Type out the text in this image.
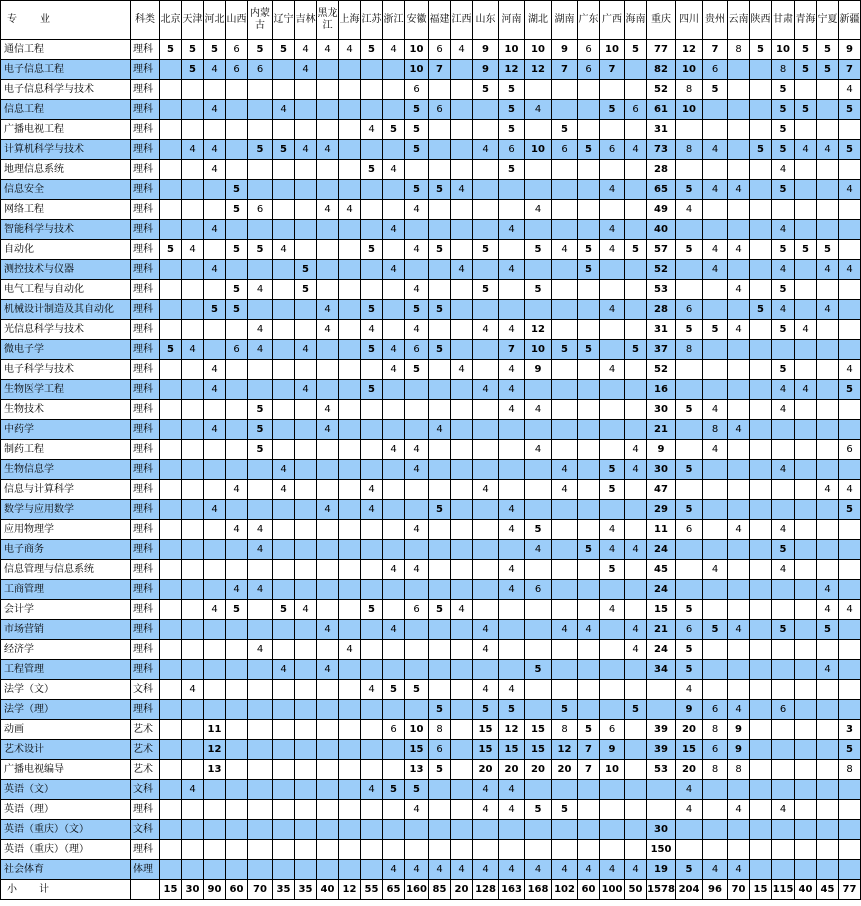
专　　业	科类	北京	天津	河北	山西	内蒙古	辽宁	吉林	黑龙江	上海	江苏	浙江	安徽	福建	江西	山东	河南	湖北	湖南	广东	广西	海南	重庆	四川	贵州	云南	陕西	甘肃	青海	宁夏	新疆
通信工程	理科	5	5	5	6	5	5	4	4	4	5	4	10	6	4	9	10	10	9	6	10	5	77	12	7	8	5	10	5	5	9
电子信息工程	理科		5	4	6	6		4					10	7		9	12	12	7	6	7		82	10	6			8	5	5	7
电子信息科学与技术	理科												6			5	5						52	8	5			5			4
信息工程	理科			4			4						5	6			5	4			5	6	61	10				5	5		5
广播电视工程	理科										4	5	5				5		5				31					5			
计算机科学与技术	理科		4	4		5	5	4	4				5			4	6	10	6	5	6	4	73	8	4		5	5	4	4	5
地理信息系统	理科			4							5	4					5						28					4			
信息安全	理科				5								5	5	4						4		65	5	4	4		5			4
网络工程	理科				5	6			4	4			4					4					49	4							
智能科学与技术	理科			4								4					4				4		40					4			
自动化	理科	5	4		5	5	4				5		4	5		5		5	4	5	4	5	57	5	4	4		5	5	5	
测控技术与仪器	理科			4				5				4			4		4			5			52		4			4		4	4
电气工程与自动化	理科				5	4		5					4			5		5					53			4		5			
机械设计制造及其自动化	理科			5	5				4		5		5	5							4		28	6			5	4		4	
光信息科学与技术	理科					4			4		4		4			4	4	12					31	5	5	4		5	4		
微电子学	理科	5	4		6	4		4			5	4	6	5			7	10	5	5		5	37	8							
电子科学与技术	理科			4								4	5		4		4	9			4		52					5			4
生物医学工程	理科			4				4			5					4	4						16					4	4		5
生物技术	理科					5			4								4	4					30	5	4			4			
中药学	理科			4		5			4					4									21		8	4					
制药工程	理科					5						4	4					4				4	9		4						6
生物信息学	理科						4						4						4		5	4	30	5				4			
信息与计算科学	理科				4		4				4					4			4		5		47							4	4
数学与应用数学	理科			4					4		4			5			4						29	5							5
应用物理学	理科				4	4							4				4	5			4		11	6		4		4			
电子商务	理科					4												4		5	4	4	24					5			
信息管理与信息系统	理科											4	4				4				5		45		4			4			
工商管理	理科				4	4											4	6					24							4	
会计学	理科			4	5		5	4			5		6	5	4						4		15	5						4	4
市场营销	理科								4			4				4			4	4		4	21	6	5	4		5		5	
经济学	理科					4				4						4						4	24	5							
工程管理	理科						4		4									5					34	5						4	
法学（文）	文科		4								4	5	5			4	4							4							
法学（理）	理科													5		5	5		5			5		9	6	4		6			
动画	艺术			11								6	10	8		15	12	15	8	5	6		39	20	8	9					3
艺术设计	艺术			12									15	6		15	15	15	12	7	9		39	15	6	9					5
广播电视编导	艺术			13									13	5		20	20	20	20	7	10		53	20	8	8					8
英语（文）	文科		4								4	5	5			4	4							4							
英语（理）	理科												4			4	4	5	5					4		4		4			
英语（重庆）（文）	文科																						30								
英语（重庆）（理）	理科																						150								
社会体育	体理											4	4	4	4	4	4	4	4	4	4	4	19	5	4	4					
小计		15	30	90	60	70	35	35	40	12	55	65	160	85	20	128	163	168	102	60	100	50	1578	204	96	70	15	115	40	45	77
